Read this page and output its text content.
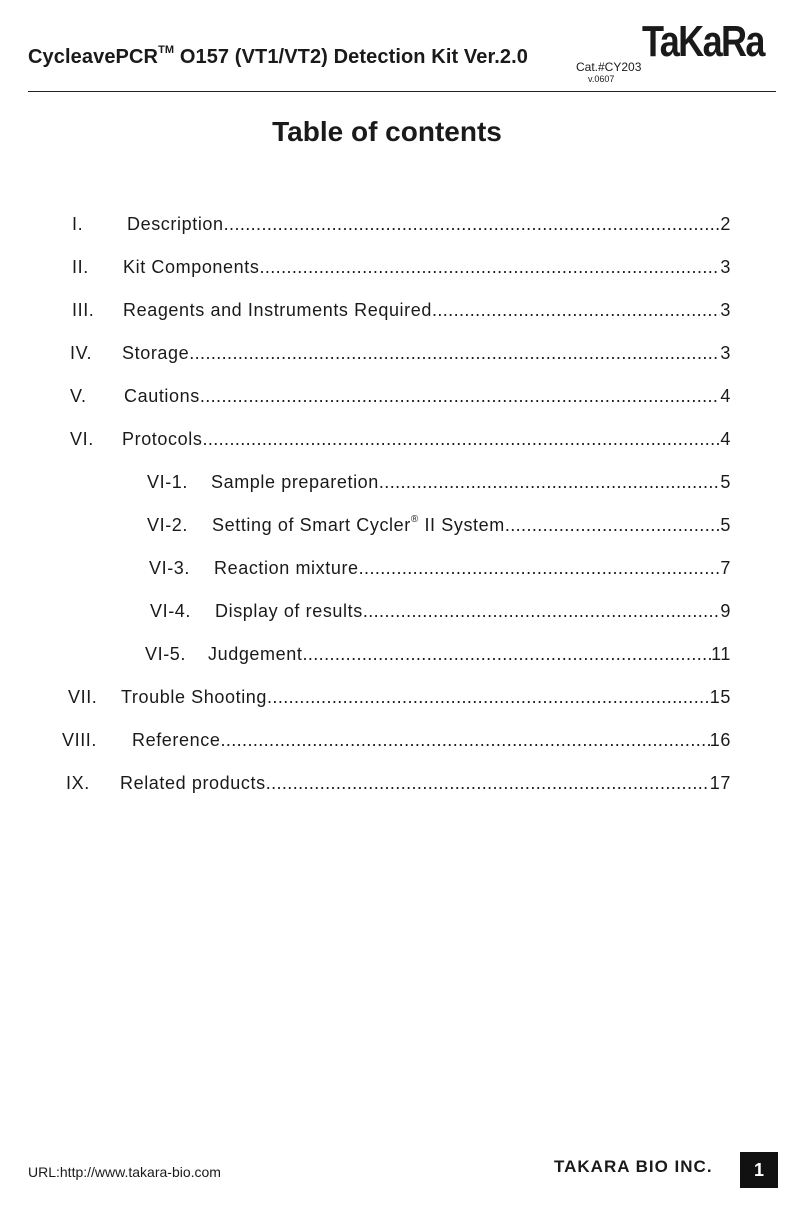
CycleavePCR™ O157 (VT1/VT2) Detection Kit Ver.2.0	Cat.#CY203
v.0607
TaKaRa
Table of contents
I.	Description .....	2
II.	Kit Components .....	3
III.	Reagents and Instruments Required .....	3
IV.	Storage .....	3
V.	Cautions .....	4
VI.	Protocols .....	4
VI-1.	Sample preparetion .....	5
VI-2.	Setting of Smart Cycler® II System .....	5
VI-3.	Reaction mixture .....	7
VI-4.	Display of results .....	9
VI-5.	Judgement .....	11
VII.	Trouble Shooting .....	15
VIII.	Reference .....	16
IX.	Related products .....	17
URL:http://www.takara-bio.com	TAKARA BIO INC. 1
